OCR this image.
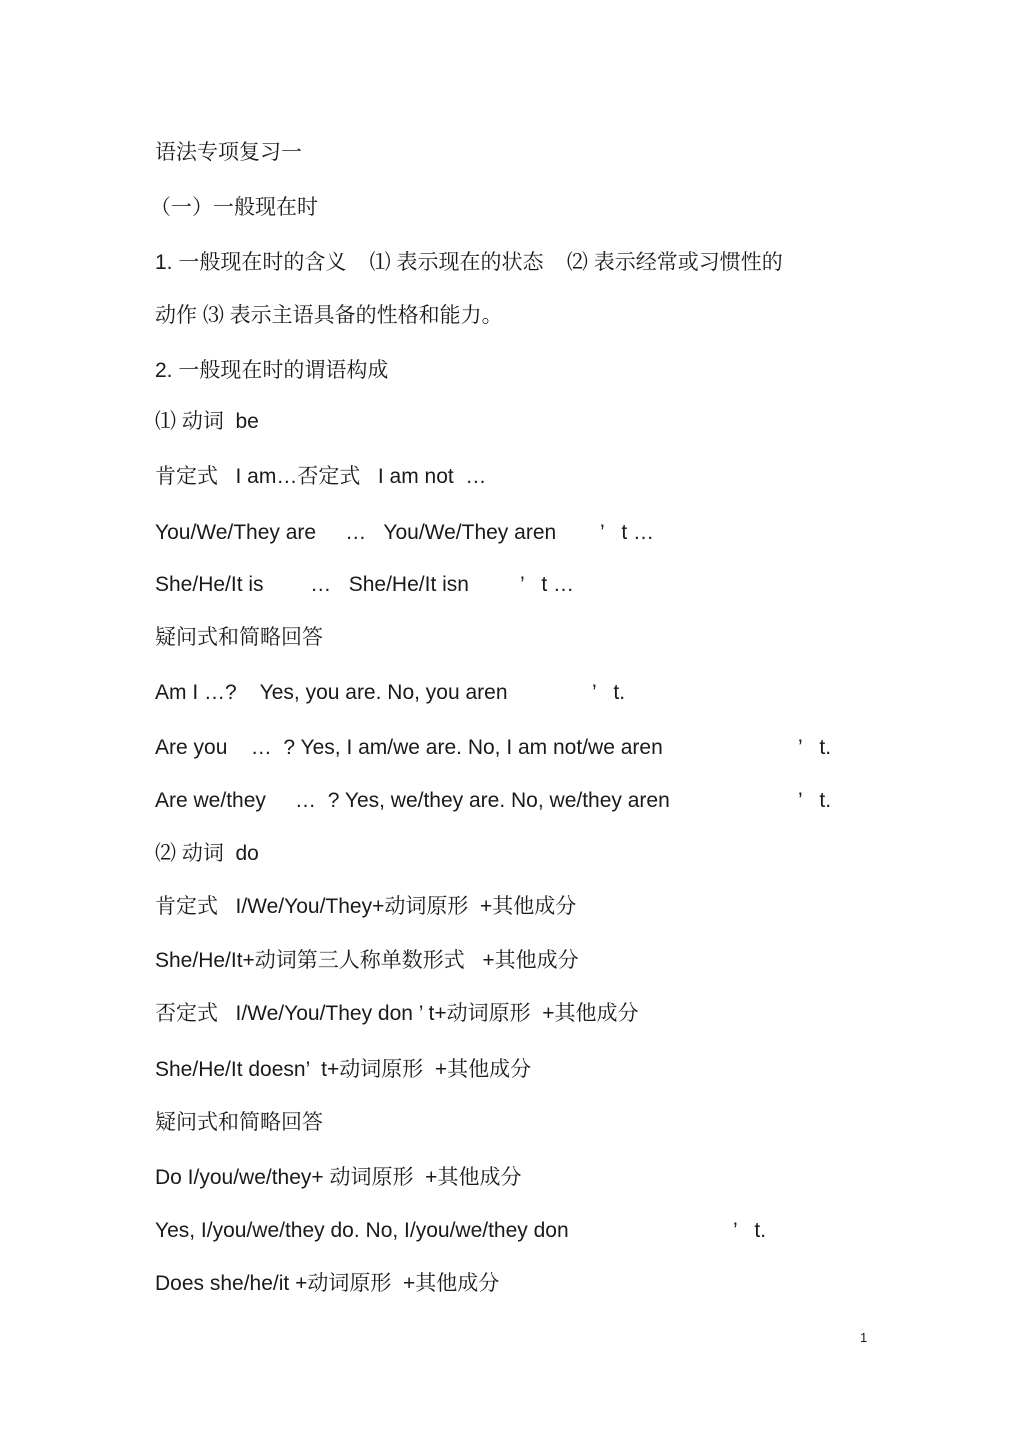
语法专项复习一
（一）一般现在时
1. 一般现在时的含义    ⑴ 表示现在的状态    ⑵ 表示经常或习惯性的
动作 ⑶ 表示主语具备的性格和能力。
2. 一般现在时的谓语构成
⑴ 动词  be
肯定式   I am…否定式   I am not  …
You/We/They are     …   You/We/They aren ’   t …
She/He/It is        …   She/He/It isn ’   t …
疑问式和简略回答
Am I …?    Yes, you are. No, you aren	’   t.
Are you    …  ? Yes, I am/we are. No, I am not/we aren	’   t.
Are we/they     …  ? Yes, we/they are. No, we/they aren	’   t.
⑵ 动词  do
肯定式   I/We/You/They+动词原形  +其他成分
She/He/It+动词第三人称单数形式   +其他成分
否定式   I/We/You/They don ’ t+动词原形  +其他成分
She/He/It doesn’  t+动词原形  +其他成分
疑问式和简略回答
Do I/you/we/they+ 动词原形  +其他成分
Yes, I/you/we/they do. No, I/you/we/they don	’   t.
Does she/he/it +动词原形  +其他成分
1
